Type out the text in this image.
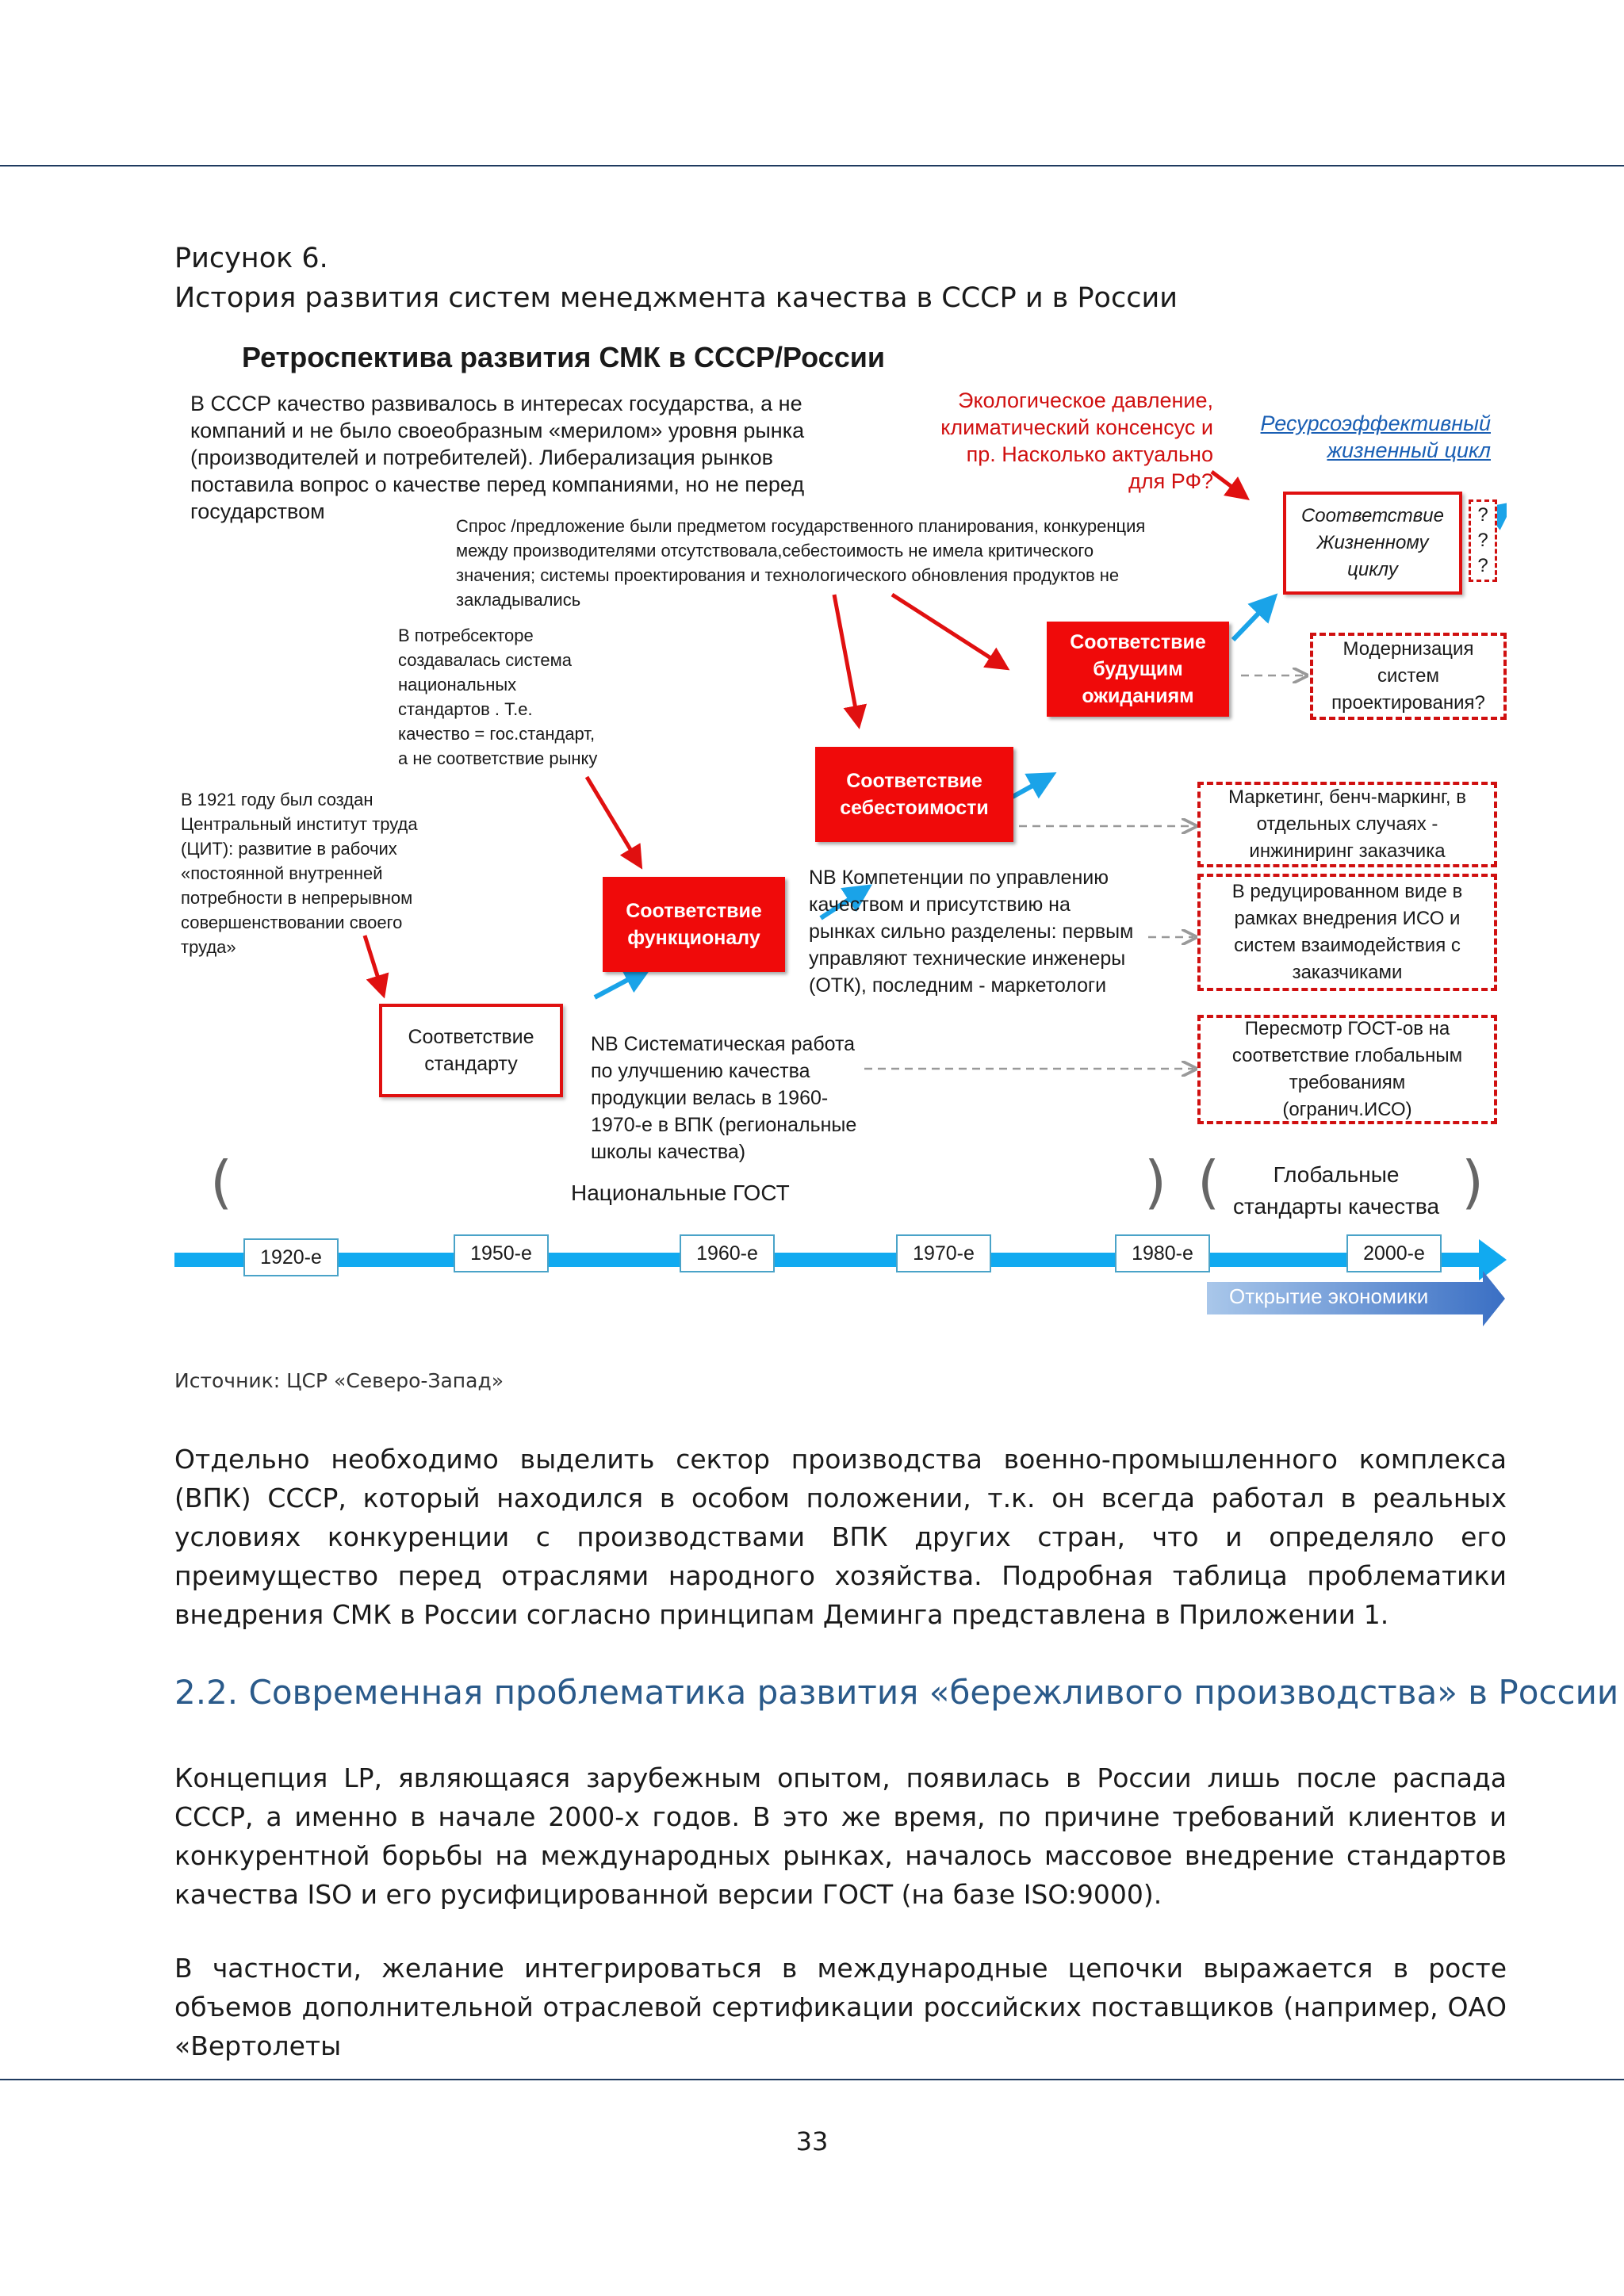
Рисунок 6.
История развития систем менеджмента качества в СССР и в России
Ретроспектива развития СМК в СССР/России
В СССР качество развивалось в интересах государства, а не
компаний и не было своеобразным «мерилом» уровня рынка
(производителей и потребителей). Либерализация рынков
поставила вопрос о качестве перед компаниями, но не перед
государством
Экологическое давление,
климатический консенсус и
пр. Насколько актуально
для РФ?
Ресурсоэффективный
жизненный цикл
Спрос /предложение были предметом государственного планирования, конкуренция
между производителями отсутствовала,себестоимость не имела критического
значения; системы проектирования и технологического обновления продуктов не
закладывались
В потребсекторе
создавалась система
национальных
стандартов . Т.е.
качество = гос.стандарт,
а не соответствие рынку
В 1921 году был создан
Центральный институт труда
(ЦИТ): развитие в рабочих
«постоянной внутренней
потребности в непрерывном
совершенствовании своего
труда»
NB Компетенции по управлению
качеством и присутствию на
рынках сильно разделены: первым
управляют технические инженеры
(ОТК), последним - маркетологи
NB Систематическая работа
по улучшению качества
продукции велась в 1960-
1970-е в ВПК (региональные
школы качества)
Соответствие
стандарту
Соответствие
функционалу
Соответствие
себестоимости
Соответствие
будущим
ожиданиям
Соответствие
Жизненному
циклу
?
?
?
Модернизация
систем
проектирования?
Маркетинг, бенч-маркинг, в
отдельных случаях -
инжиниринг заказчика
В редуцированном виде в
рамках внедрения ИСО и
систем взаимодействия с
заказчиками
Пересмотр ГОСТ-ов на
соответствие глобальным
требованиям
(огранич.ИСО)
(	Национальные ГОСТ	) (	Глобальные
стандарты качества )
1920-е	1950-е	1960-е	1970-е	1980-е	2000-е
Открытие экономики
Источник: ЦСР «Северо-Запад»
Отдельно необходимо выделить сектор производства военно-промышленного комплекса (ВПК) СССР, который находился в особом положении, т.к. он всегда работал в реальных условиях конкуренции с производствами ВПК других стран, что и определяло его преимущество перед отраслями народного хозяйства. Подробная таблица проблематики внедрения СМК в России согласно принципам Деминга представлена в Приложении 1.
2.2. Современная проблематика развития «бережливого производства» в России
Концепция LP, являющаяся зарубежным опытом, появилась в России лишь после распада СССР, а именно в начале 2000-х годов. В это же время, по причине требований клиентов и конкурентной борьбы на международных рынках, началось массовое внедрение стандартов качества ISO и его русифицированной версии ГОСТ (на базе ISO:9000).
В частности, желание интегрироваться в международные цепочки выражается в росте объемов дополнительной отраслевой сертификации российских поставщиков (например, ОАО «Вертолеты
33
